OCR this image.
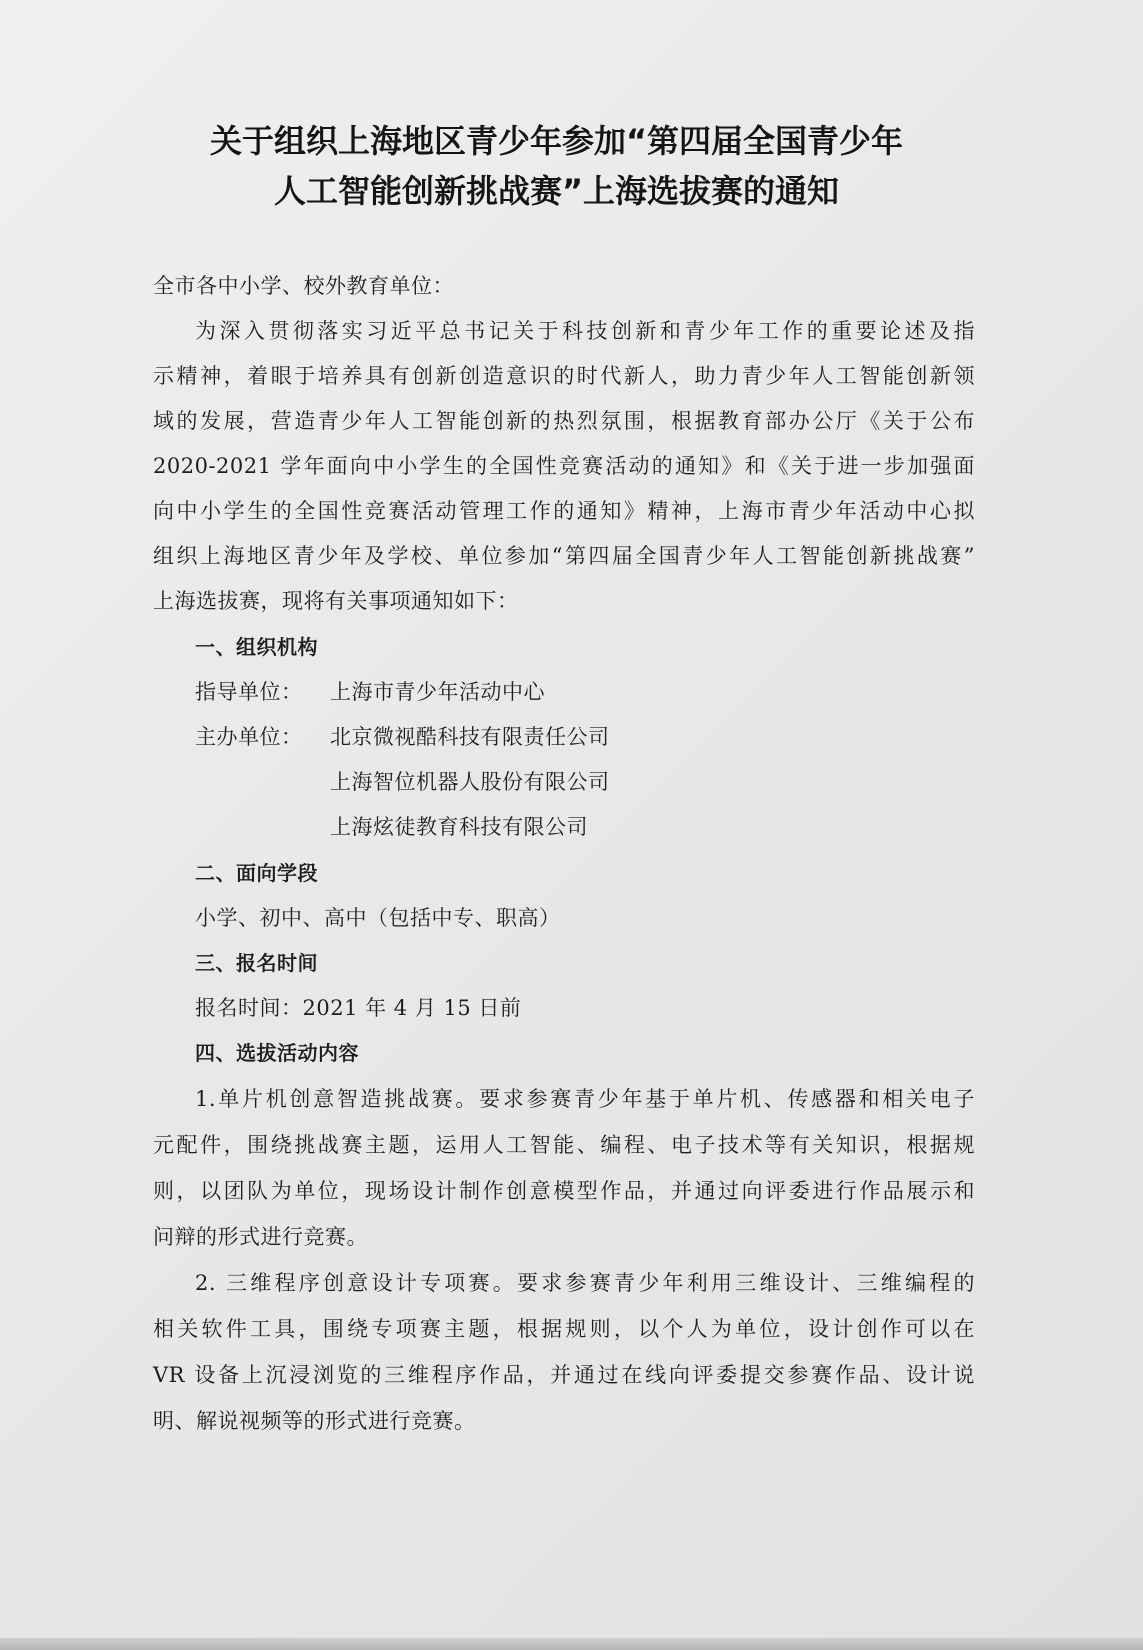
关于组织上海地区青少年参加“第四届全国青少年
人工智能创新挑战赛”上海选拔赛的通知
全市各中小学、校外教育单位：
为深入贯彻落实习近平总书记关于科技创新和青少年工作的重要论述及指
示精神，着眼于培养具有创新创造意识的时代新人，助力青少年人工智能创新领
域的发展，营造青少年人工智能创新的热烈氛围，根据教育部办公厅《关于公布
2020-2021 学年面向中小学生的全国性竞赛活动的通知》和《关于进一步加强面
向中小学生的全国性竞赛活动管理工作的通知》精神，上海市青少年活动中心拟
组织上海地区青少年及学校、单位参加“第四届全国青少年人工智能创新挑战赛”
上海选拔赛，现将有关事项通知如下：
一、组织机构
指导单位： 上海市青少年活动中心
主办单位： 北京微视酷科技有限责任公司
上海智位机器人股份有限公司
上海炫徒教育科技有限公司
二、面向学段
小学、初中、高中（包括中专、职高）
三、报名时间
报名时间：2021 年 4 月 15 日前
四、选拔活动内容
1.单片机创意智造挑战赛。要求参赛青少年基于单片机、传感器和相关电子
元配件，围绕挑战赛主题，运用人工智能、编程、电子技术等有关知识，根据规
则，以团队为单位，现场设计制作创意模型作品，并通过向评委进行作品展示和
问辩的形式进行竞赛。
2. 三维程序创意设计专项赛。要求参赛青少年利用三维设计、三维编程的
相关软件工具，围绕专项赛主题，根据规则，以个人为单位，设计创作可以在
VR 设备上沉浸浏览的三维程序作品，并通过在线向评委提交参赛作品、设计说
明、解说视频等的形式进行竞赛。
